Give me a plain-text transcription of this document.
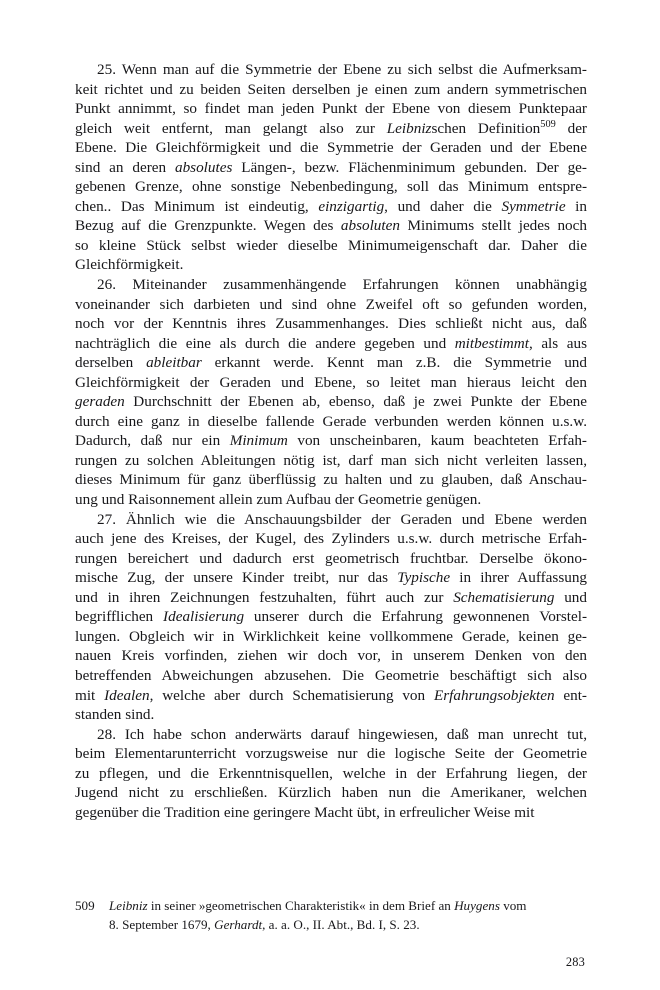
25. Wenn man auf die Symmetrie der Ebene zu sich selbst die Aufmerksam-
keit richtet und zu beiden Seiten derselben je einen zum andern symmetrischen
Punkt annimmt, so findet man jeden Punkt der Ebene von diesem Punktepaar
gleich weit entfernt, man gelangt also zur Leibnizschen Definition$^{509}$ der
Ebene. Die Gleichförmigkeit und die Symmetrie der Geraden und der Ebene
sind an deren absolutes Längen-, bezw. Flächenminimum gebunden. Der ge-
gebenen Grenze, ohne sonstige Nebenbedingung, soll das Minimum entspre-
chen.. Das Minimum ist eindeutig, einzigartig, und daher die Symmetrie in
Bezug auf die Grenzpunkte. Wegen des absoluten Minimums stellt jedes noch
so kleine Stück selbst wieder dieselbe Minimumeigenschaft dar. Daher die
Gleichförmigkeit.

26. Miteinander zusammenhängende Erfahrungen können unabhängig
voneinander sich darbieten und sind ohne Zweifel oft so gefunden worden,
noch vor der Kenntnis ihres Zusammenhanges. Dies schließt nicht aus, daß
nachträglich die eine als durch die andere gegeben und mitbestimmt, als aus
derselben ableitbar erkannt werde. Kennt man z.B. die Symmetrie und
Gleichförmigkeit der Geraden und Ebene, so leitet man hieraus leicht den
geraden Durchschnitt der Ebenen ab, ebenso, daß je zwei Punkte der Ebene
durch eine ganz in dieselbe fallende Gerade verbunden werden können u.s.w.
Dadurch, daß nur ein Minimum von unscheinbaren, kaum beachteten Erfah-
rungen zu solchen Ableitungen nötig ist, darf man sich nicht verleiten lassen,
dieses Minimum für ganz überflüssig zu halten und zu glauben, daß Anschau-
ung und Raisonnement allein zum Aufbau der Geometrie genügen.

27. Ähnlich wie die Anschauungsbilder der Geraden und Ebene werden
auch jene des Kreises, der Kugel, des Zylinders u.s.w. durch metrische Erfah-
rungen bereichert und dadurch erst geometrisch fruchtbar. Derselbe ökono-
mische Zug, der unsere Kinder treibt, nur das Typische in ihrer Auffassung
und in ihren Zeichnungen festzuhalten, führt auch zur Schematisierung und
begrifflichen Idealisierung unserer durch die Erfahrung gewonnenen Vorstel-
lungen. Obgleich wir in Wirklichkeit keine vollkommene Gerade, keinen ge-
nauen Kreis vorfinden, ziehen wir doch vor, in unserem Denken von den
betreffenden Abweichungen abzusehen. Die Geometrie beschäftigt sich also
mit Idealen, welche aber durch Schematisierung von Erfahrungsobjekten ent-
standen sind.

28. Ich habe schon anderwärts darauf hingewiesen, daß man unrecht tut,
beim Elementarunterricht vorzugsweise nur die logische Seite der Geometrie
zu pflegen, und die Erkenntnisquellen, welche in der Erfahrung liegen, der
Jugend nicht zu erschließen. Kürzlich haben nun die Amerikaner, welchen
gegenüber die Tradition eine geringere Macht übt, in erfreulicher Weise mit

509	Leibniz in seiner »geometrischen Charakteristik« in dem Brief an Huygens vom
8. September 1679, Gerhardt, a. a. O., II. Abt., Bd. I, S. 23.
283
